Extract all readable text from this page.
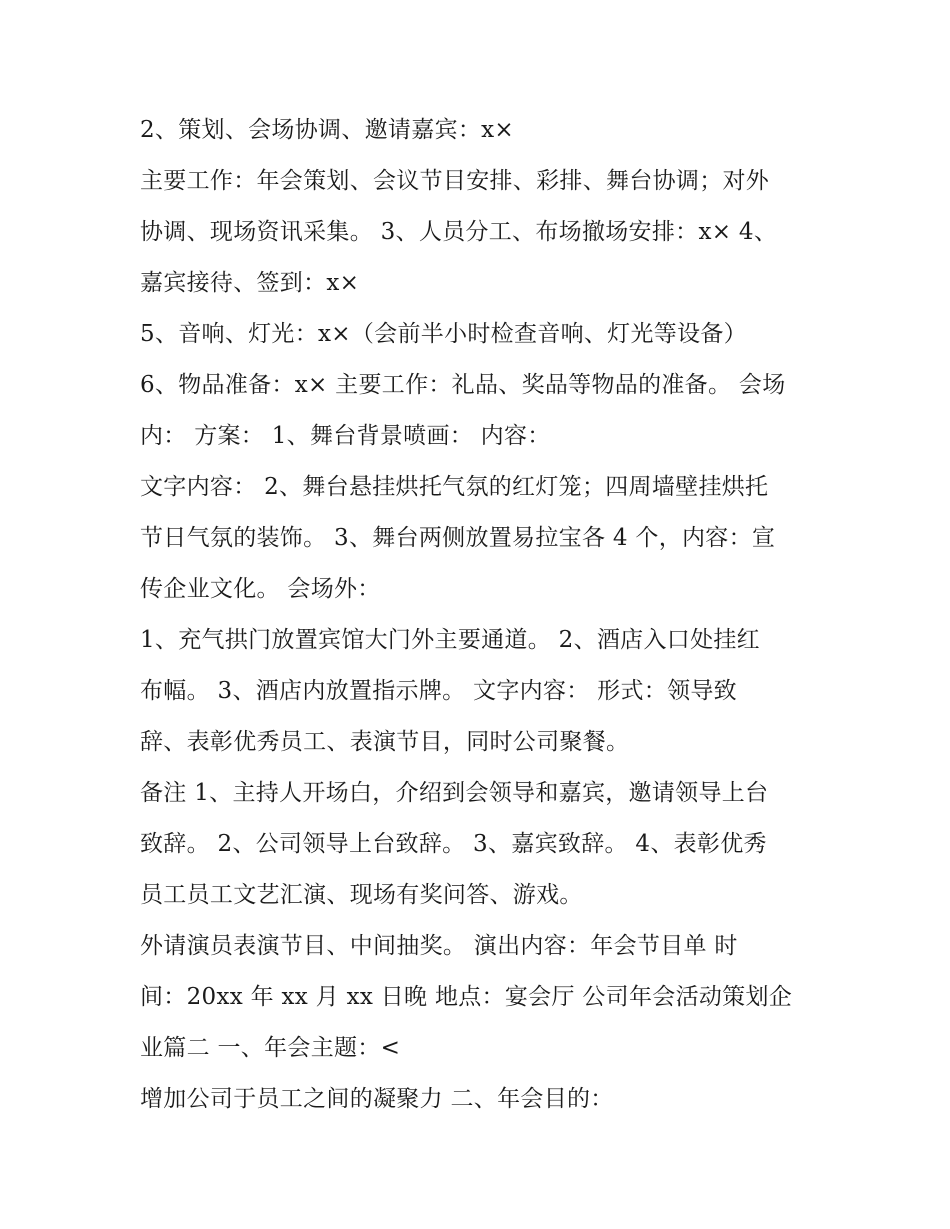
2、策划、会场协调、邀请嘉宾：x×

主要工作：年会策划、会议节目安排、彩排、舞台协调；对外

协调、现场资讯采集。 3、人员分工、布场撤场安排：x× 4、

嘉宾接待、签到：x×

5、音响、灯光：x×（会前半小时检查音响、灯光等设备）

6、物品准备：x× 主要工作：礼品、奖品等物品的准备。 会场

内： 方案： 1、舞台背景喷画： 内容：

文字内容： 2、舞台悬挂烘托气氛的红灯笼；四周墙壁挂烘托

节日气氛的装饰。 3、舞台两侧放置易拉宝各 4 个，内容：宣

传企业文化。 会场外：

1、充气拱门放置宾馆大门外主要通道。 2、酒店入口处挂红

布幅。 3、酒店内放置指示牌。 文字内容： 形式：领导致

辞、表彰优秀员工、表演节目，同时公司聚餐。

备注 1、主持人开场白，介绍到会领导和嘉宾，邀请领导上台

致辞。 2、公司领导上台致辞。 3、嘉宾致辞。 4、表彰优秀

员工员工文艺汇演、现场有奖问答、游戏。

外请演员表演节目、中间抽奖。 演出内容：年会节目单 时

间：20xx 年 xx 月 xx 日晚 地点：宴会厅 公司年会活动策划企

业篇二 一、年会主题：<

增加公司于员工之间的凝聚力 二、年会目的：
